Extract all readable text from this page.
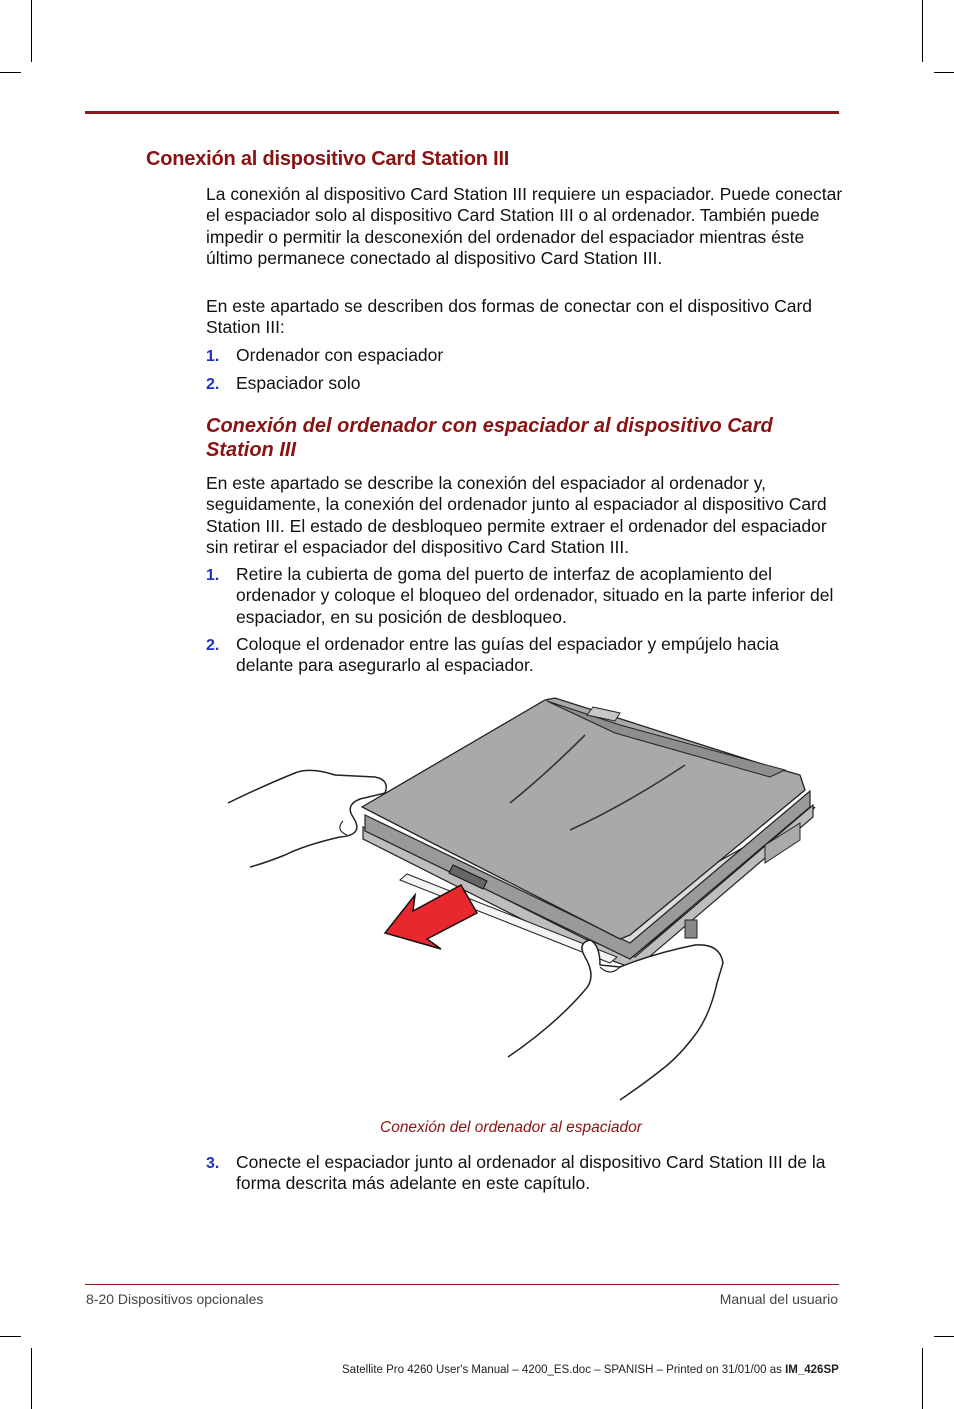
Conexión al dispositivo Card Station III

La conexión al dispositivo Card Station III requiere un espaciador. Puede conectar el espaciador solo al dispositivo Card Station III o al ordenador. También puede impedir o permitir la desconexión del ordenador del espaciador mientras éste último permanece conectado al dispositivo Card Station III.

En este apartado se describen dos formas de conectar con el dispositivo Card Station III:

1. Ordenador con espaciador
2. Espaciador solo
Conexión del ordenador con espaciador al dispositivo Card Station III

En este apartado se describe la conexión del espaciador al ordenador y, seguidamente, la conexión del ordenador junto al espaciador al dispositivo Card Station III. El estado de desbloqueo permite extraer el ordenador del espaciador sin retirar el espaciador del dispositivo Card Station III.

1. Retire la cubierta de goma del puerto de interfaz de acoplamiento del ordenador y coloque el bloqueo del ordenador, situado en la parte inferior del espaciador, en su posición de desbloqueo.
2. Coloque el ordenador entre las guías del espaciador y empújelo hacia delante para asegurarlo al espaciador.

Conexión del ordenador al espaciador

3. Conecte el espaciador junto al ordenador al dispositivo Card Station III de la forma descrita más adelante en este capítulo.
8-20 Dispositivos opcionales	Manual del usuario
Satellite Pro 4260 User's Manual – 4200_ES.doc – SPANISH – Printed on 31/01/00 as IM_426SP
